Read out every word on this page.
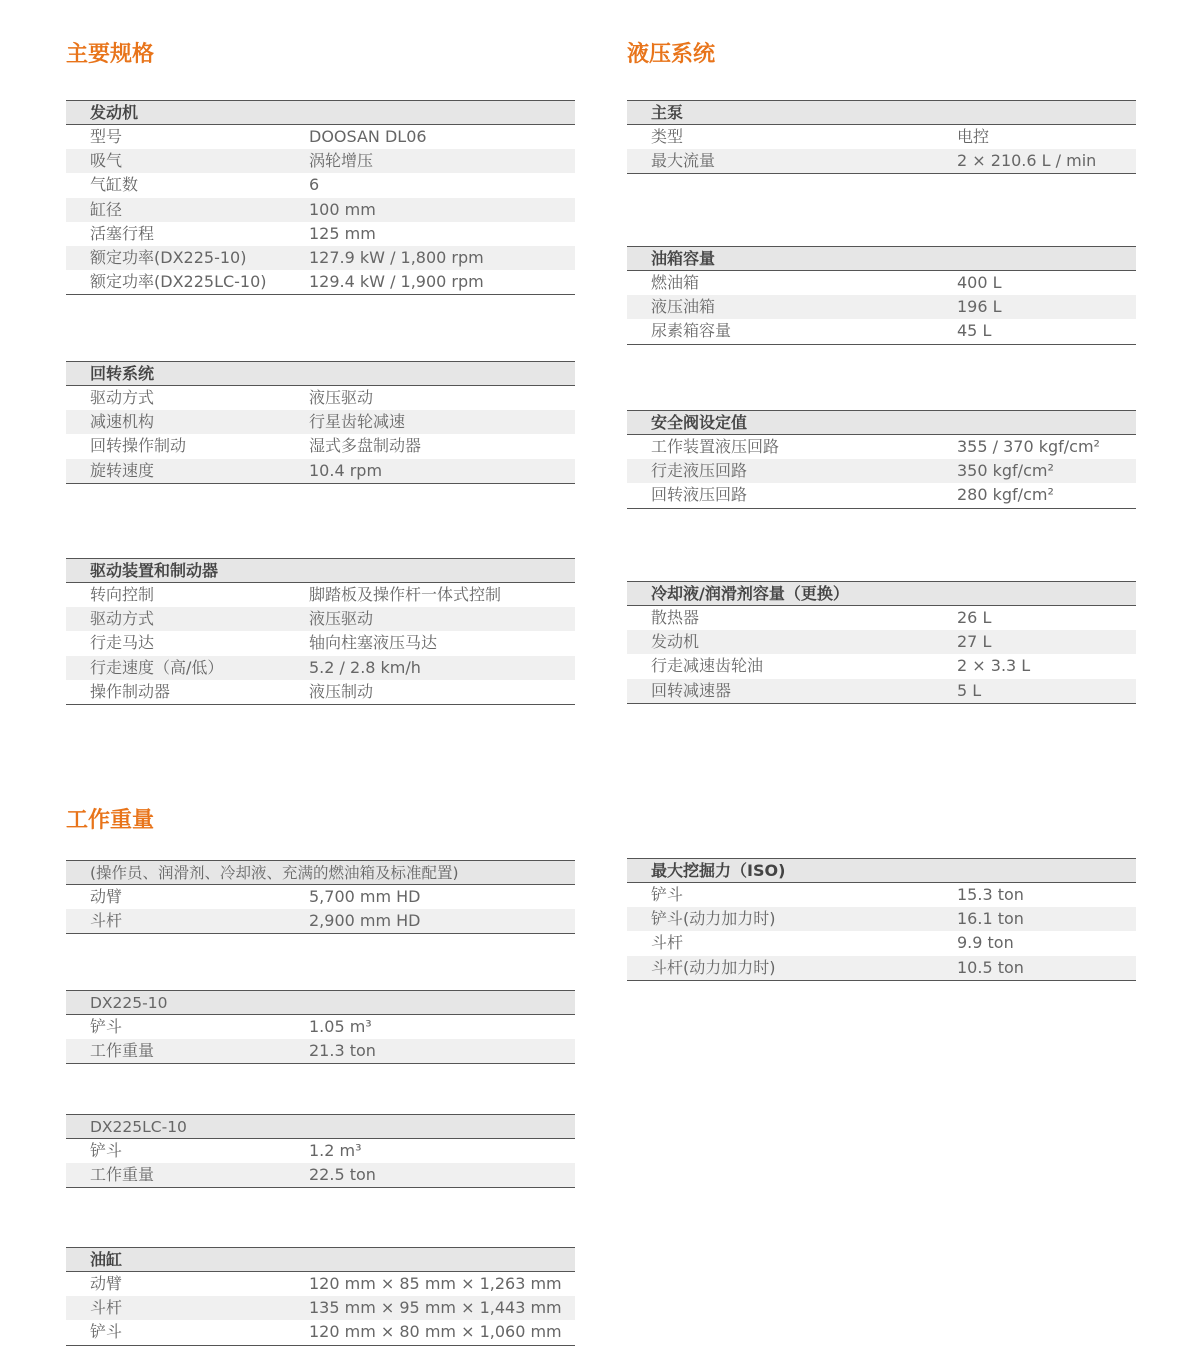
主要规格	液压系统
工作重量
发动机
型号	DOOSAN DL06
吸气	涡轮增压
气缸数	6
缸径	100 mm
活塞行程	125 mm
额定功率(DX225-10)	127.9 kW / 1,800 rpm
额定功率(DX225LC-10)	129.4 kW / 1,900 rpm
回转系统
驱动方式	液压驱动
减速机构	行星齿轮减速
回转操作制动	湿式多盘制动器
旋转速度	10.4 rpm
驱动装置和制动器
转向控制	脚踏板及操作杆一体式控制
驱动方式	液压驱动
行走马达	轴向柱塞液压马达
行走速度（高/低）	5.2 / 2.8 km/h
操作制动器	液压制动
主泵
类型	电控
最大流量	2 × 210.6 L / min
油箱容量
燃油箱	400 L
液压油箱	196 L
尿素箱容量	45 L
安全阀设定值
工作装置液压回路	355 / 370 kgf/cm²
行走液压回路	350 kgf/cm²
回转液压回路	280 kgf/cm²
冷却液/润滑剂容量（更换）
散热器	26 L
发动机	27 L
行走减速齿轮油	2 × 3.3 L
回转减速器	5 L
(操作员、润滑剂、冷却液、充满的燃油箱及标准配置)
动臂	5,700 mm HD
斗杆	2,900 mm HD
DX225-10
铲斗	1.05 m³
工作重量	21.3 ton
DX225LC-10
铲斗	1.2 m³
工作重量	22.5 ton
油缸
动臂	120 mm × 85 mm × 1,263 mm
斗杆	135 mm × 95 mm × 1,443 mm
铲斗	120 mm × 80 mm × 1,060 mm
最大挖掘力（ISO)
铲斗	15.3 ton
铲斗(动力加力时)	16.1 ton
斗杆	9.9 ton
斗杆(动力加力时)	10.5 ton
